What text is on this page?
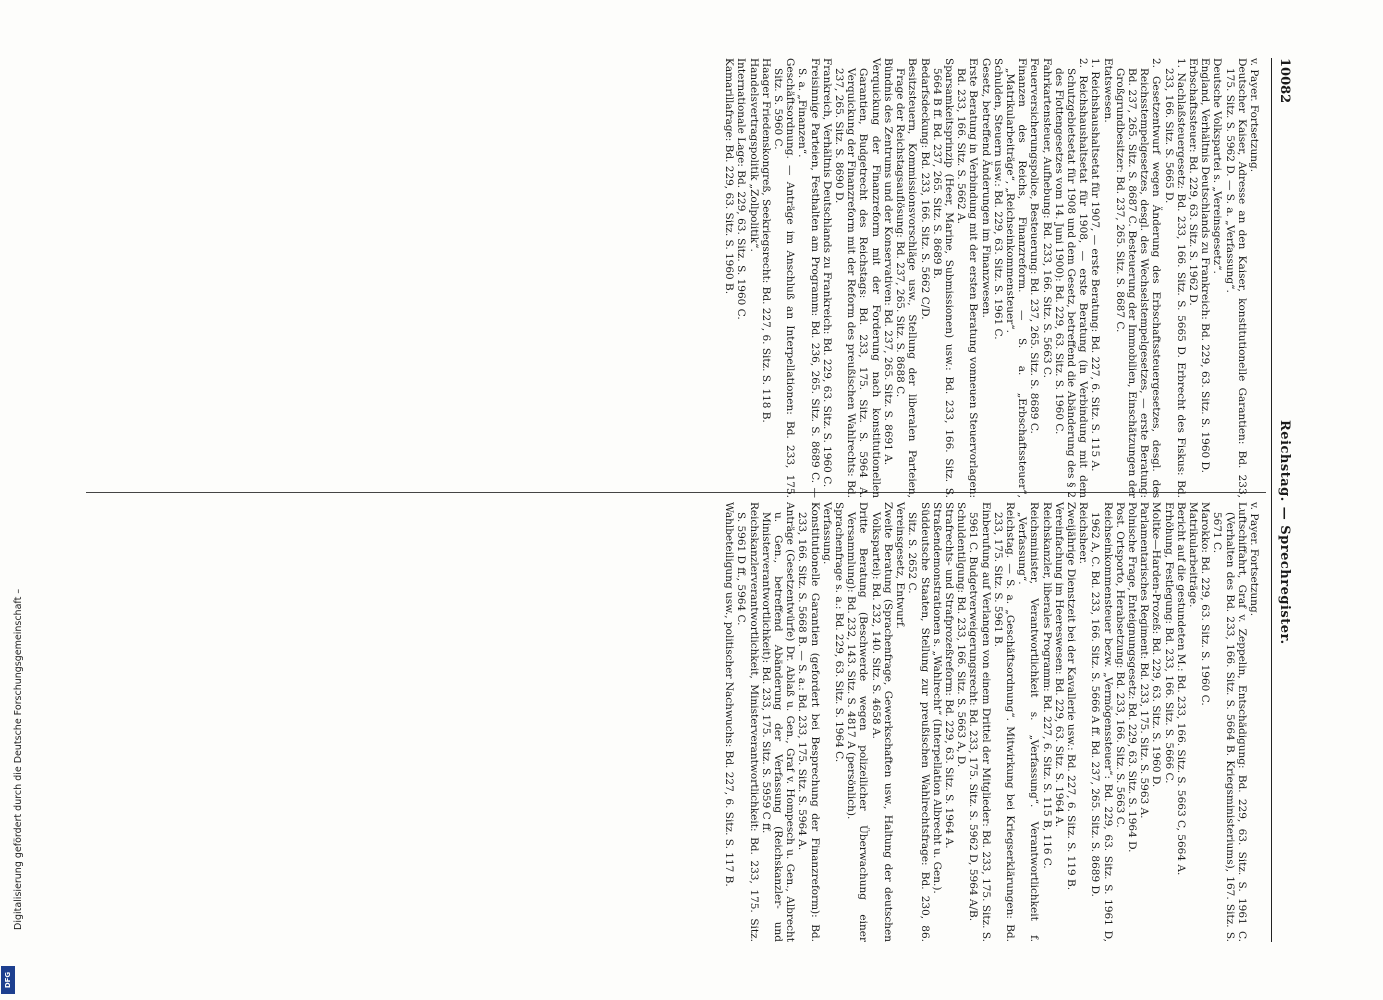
10082
Reichstag. — Sprechregister.

v. Payer. Fortsetzung.

Deutscher Kaiser, Adresse an den Kaiser, konstitutionelle Garantien: Bd. 233, 175. Sitz. S. 5962 D. — S. a. „Verfassung“.

Deutsche Volkspartei s. „Vereinsgesetz“.

England, Verhältnis Deutschlands zu Frankreich: Bd. 229, 63. Sitz. S. 1960 D.

Erbschaftssteuer: Bd. 229, 63. Sitz. S. 1962 D.

1. Nachlaßsteuergesetz: Bd. 233, 166. Sitz. S. 5665 D. Erbrecht des Fiskus: Bd. 233, 166. Sitz. S. 5665 D.

2. Gesetzentwurf wegen Änderung des Erbschaftssteuergesetzes, desgl. des Reichsstempelgesetzes, desgl. des Wechselstempelgesetzes, — erste Beratung: Bd. 237, 265. Sitz. S. 8687 C. Besteuerung der Immobilien, Einschätzungen der Großgrundbesitzer: Bd. 237, 265. Sitz. S. 8687 C.

Etatswesen.

1. Reichshaushaltsetat für 1907, — erste Beratung: Bd. 227, 6. Sitz. S. 115 A.

2. Reichshaushaltsetat für 1908, — erste Beratung (in Verbindung mit dem Schutzgebietsetat für 1908 und dem Gesetz, betreffend die Abänderung des § 2 des Flottengesetzes vom 14. Juni 1900): Bd. 229, 63. Sitz. S. 1960 C.

Fahrkartensteuer, Aufhebung: Bd. 233, 166. Sitz. S. 5663 C.

Feuerversicherungspolice, Besteuerung: Bd. 237, 265. Sitz. S. 8689 C.

Finanzen des Reichs, Finanzreform. — S. a. „Erbschaftssteuer“, „Matrikularbeiträge“, „Reichseinkommensteuer“.

Schulden, Steuern usw.: Bd. 229, 63. Sitz. S. 1961 C.

Gesetz, betreffend Änderungen im Finanzwesen.

Erste Beratung in Verbindung mit der ersten Beratung vonneuen Steuervorlagen: Bd. 233, 166. Sitz. S. 5662 A.

Sparsamkeitsprinzip (Heer, Marine, Submissionen) usw.: Bd. 233, 166. Sitz. S. 5664 B ff. Bd. 237, 265. Sitz. S. 8689 B.

Bedarfsdeckung: Bd. 233, 166. Sitz. S. 5662 C/D.

Besitzsteuern, Kommissionsvorschläge usw., Stellung der liberalen Parteien, Frage der Reichstagsauflösung: Bd. 237, 265. Sitz. S. 8688 C.

Bündnis des Zentrums und der Konservativen: Bd. 237, 265. Sitz. S. 8691 A.

Verquickung der Finanzreform mit der Forderung nach konstitutionellen Garantien, Budgetrecht des Reichstags: Bd. 233, 175. Sitz. S. 5964 A. Verquickung der Finanzreform mit der Reform des preußischen Wahlrechts: Bd. 237, 265. Sitz. S. 8690 D.

Frankreich, Verhältnis Deutschlands zu Frankreich: Bd. 229, 63. Sitz. S. 1960 C.

Freisinnige Parteien, Festhalten am Programm: Bd. 236, 265. Sitz. S. 8689 C. — S. a. „Finanzen“.

Geschäftsordnung. — Anträge im Anschluß an Interpellationen: Bd. 233, 175. Sitz. S. 5960 C.

Haager Friedenskongreß, Seekriegsrecht: Bd. 227, 6. Sitz. S. 118 B.

Handelsvertragspolitik „Zollpolitik“.

Internationale Lage: Bd. 229, 63. Sitz. S. 1960 C.

Kamarillafrage: Bd. 229, 63. Sitz. S. 1960 B.

v. Payer. Fortsetzung.

Luftschiffahrt, Graf v. Zeppelin, Entschädigung: Bd. 229, 63. Sitz. S. 1961 C. (Verhalten des Bd. 233, 166. Sitz. S. 5664 B. Kriegsministeriums), 167. Sitz. S. 5671 C.

Marokko: Bd. 229, 63. Sitz. S. 1960 C.

Matrikularbeiträge.

Bericht auf die gestundeten M.: Bd. 233, 166. Sitz. S. 5663 C, 5664 A.

Erhöhung, Festlegung: Bd. 233, 166. Sitz. S. 5666 C.

Moltke—Harden-Prozeß: Bd. 229, 63. Sitz. S. 1960 D.

Parlamentarisches Regiment: Bd. 233, 175. Sitz. S. 5963 A.

Polnische Frage, Enteignungsgesetz: Bd. 229, 63. Sitz. S. 1964 D.

Post. Ortsporto, Herabsetzung: Bd. 233, 166. Sitz. S. 5663 C.

Reichseinkommensteuer bezw. „Vermögenssteuer“: Bd. 229, 63. Sitz. S. 1961 D, 1962 A, C. Bd. 233, 166. Sitz. S. 5666 A ff. Bd. 237, 265. Sitz. S. 8689 D.

Reichsheer.

Zweijährige Dienstzeit bei der Kavallerie usw.: Bd. 227, 6. Sitz. S. 119 B.

Vereinfachung im Heereswesen: Bd. 229, 63. Sitz. S. 1964 A.

Reichskanzler, liberales Programm: Bd. 227, 6. Sitz. S. 115 B, 116 C.

Reichsminister, Verantwortlichkeit s. „Verfassung“. Verantwortlichkeit f. „Verfassung“.

Reichstag. — S. a. „Geschäftsordnung“. Mitwirkung bei Kriegserklärungen: Bd. 233, 175. Sitz. S. 5961 B.

Einberufung auf Verlangen von einem Drittel der Mitglieder: Bd. 233, 175. Sitz. S. 5961 C. Budgetverweigerungsrecht: Bd. 233, 175. Sitz. S. 5962 D, 5964 A/B.

Schuldentilgung: Bd. 233, 166. Sitz. S. 5663 A, D.

Strafrechts- und Strafprozeßreform: Bd. 229, 63. Sitz. S. 1964 A.

Straßendemonstrationen s. „Wahlrecht“ (Interpellation Albrecht u. Gen.).

Süddeutsche Staaten, Stellung zur preußischen Wahlrechtsfrage: Bd. 230, 86. Sitz. S. 2652 C.

Vereinsgesetz, Entwurf.

Zweite Beratung (Sprachenfrage, Gewerkschaften usw., Haltung der deutschen Volkspartei): Bd. 232, 140. Sitz. S. 4658 A.

Dritte Beratung (Beschwerde wegen polizeilicher Überwachung einer Versammlung): Bd. 232, 143. Sitz. S. 4817 A (persönlich).

Sprachenfrage s. a.: Bd. 229, 63. Sitz. S. 1964 C.

Verfassung.

Konstitutionelle Garantien (gefordert bei Besprechung der Finanzreform): Bd. 233, 166. Sitz. S. 5668 B. — S. a.: Bd. 233, 175. Sitz. S. 5964 A.

Anträge (Gesetzentwürfe) Dr. Ablaß u. Gen., Graf v. Hompesch u. Gen., Albrecht u. Gen., betreffend Abänderung der Verfassung (Reichskanzler- und Ministerverantwortlichkeit): Bd. 233, 175. Sitz. S. 5959 C ff.

Reichskanzlerverantwortlichkeit, Ministerverantwortlichkeit: Bd. 233, 175. Sitz. S. 5961 D ff., 5964 C.

Wahlbeteiligung usw., politischer Nachwuchs: Bd. 227, 6. Sitz. S. 117 B.

Digitalisierung gefördert durch die Deutsche Forschungsgemeinschaft –
DFG
